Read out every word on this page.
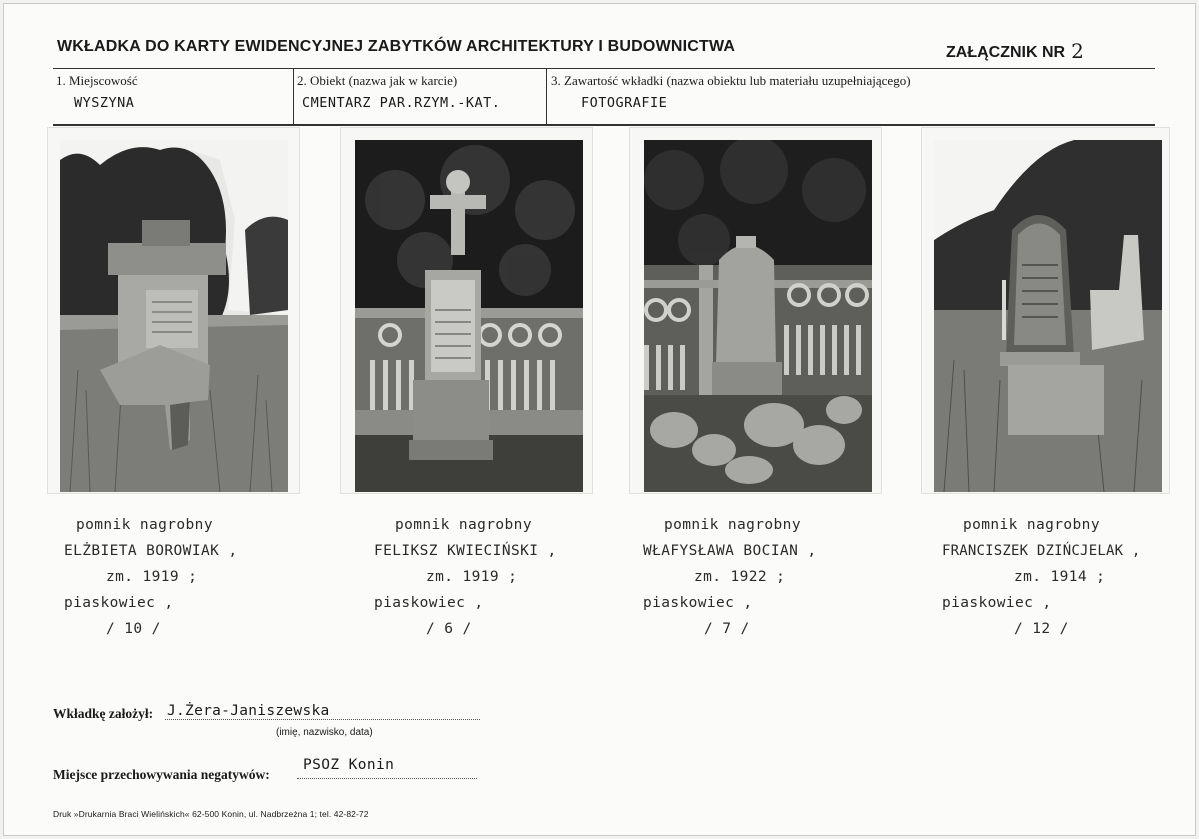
WKŁADKA DO KARTY EWIDENCYJNEJ ZABYTKÓW ARCHITEKTURY I BUDOWNICTWA	ZAŁĄCZNIK NR 2
1. Miejscowość
WYSZYNA
2. Obiekt (nazwa jak w karcie)
CMENTARZ PAR.RZYM.-KAT.
3. Zawartość wkładki (nazwa obiektu lub materiału uzupełniającego)
FOTOGRAFIE
pomnik nagrobny
ELŻBIETA BOROWIAK ,
zm. 1919 ;
piaskowiec ,
/ 10 /
pomnik nagrobny
FELIKSZ KWIECIŃSKI ,
zm. 1919 ;
piaskowiec ,
/ 6 /
pomnik nagrobny
WŁAFYSŁAWA BOCIAN ,
zm. 1922 ;
piaskowiec ,
/ 7 /
pomnik nagrobny
FRANCISZEK DZIŃCJELAK ,
zm. 1914 ;
piaskowiec ,
/ 12 /
Wkładkę założył: J.Żera-Janiszewska
(imię, nazwisko, data)
Miejsce przechowywania negatywów:
PSOZ Konin
Druk »Drukarnia Braci Wielińskich« 62-500 Konin, ul. Nadbrzeżna 1; tel. 42-82-72
